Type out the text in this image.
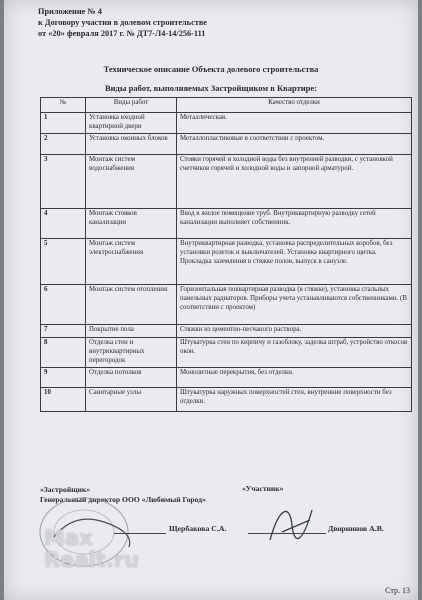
Приложение № 4
к Договору участия в долевом строительстве
от «20» февраля 2017 г. № ДТ7-Л4-14/256-111
Техническое описание Объекта долевого строительства
Виды работ, выполняемых Застройщиком в Квартире:
№	Виды работ	Качество отделки
1	Установка входной квартирной двери	Металлическая.
2	Установка оконных блоков	Металлопластиковые в соответствии с проектом.
3	Монтаж систем водоснабжения	Стояки горячей и холодной воды без внутренней разводки, с установкой счетчиков горячей и холодной воды и запорной арматурой.
4	Монтаж стояков канализации	Ввод в жилое помещение труб. Внутриквартирную разводку сетей канализации выполняет собственник.
5	Монтаж систем электроснабжения	Внутриквартирная разводка, установка распределительных коробов, без установки розеток и выключателей. Установка квартирного щитка. Прокладка заземления в стяжке полов, выпуск в санузле.
6	Монтаж систем отопления	Горизонтальная поквартирная разводка (в стяжке), установка стальных панельных радиаторов. Приборы учета устанавливаются собственниками. (В соответствии с проектом)
7	Покрытие пола	Стяжки из цементно-песчаного раствора.
8	Отделка стен и внутриквартирных перегородок	Штукатурка стен по кирпичу и газоблоку, заделка штраб, устройство откосов окон.
9	Отделка потолков	Монолитные перекрытия, без отделки.
10	Санитарные узлы	Штукатурка наружных поверхностей стен, внутренние поверхности без отделки.
«Застройщик»
Генеральный директор ООО «Любимый Город»
«Участник»
Щербакова С.А.	Дворнинов А.В.
Max
Realt.ru
Стр. 13
